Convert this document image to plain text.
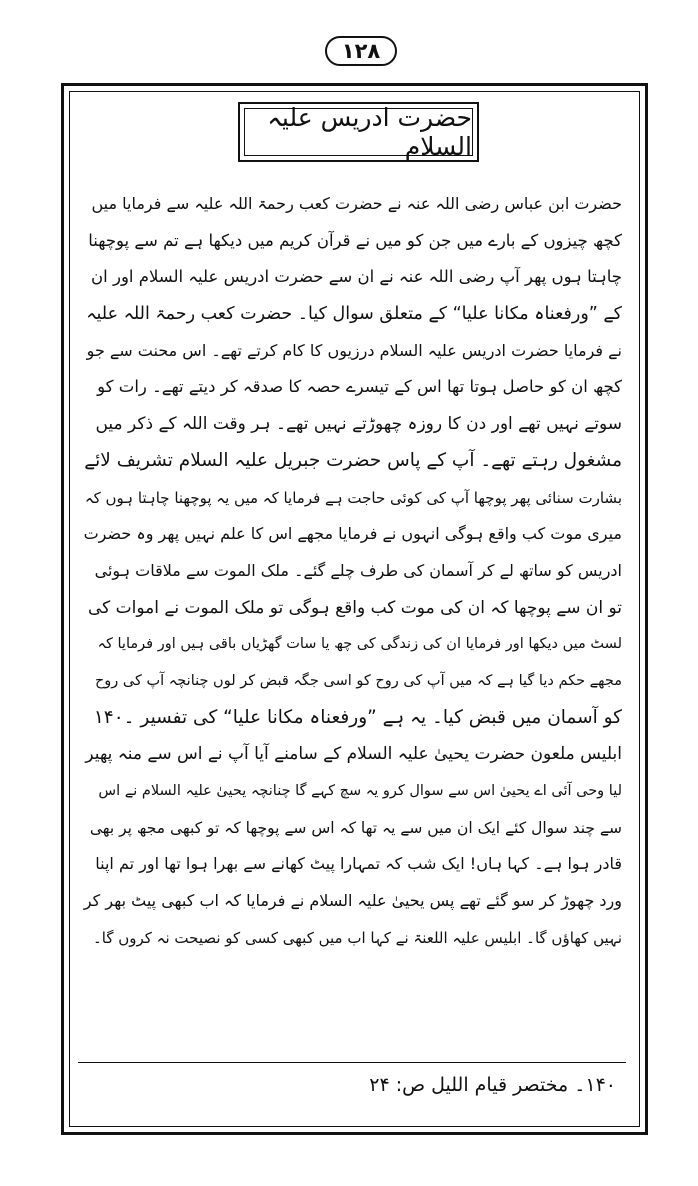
۱۲۸
حضرت ادریس علیہ السلام
حضرت ابن عباس رضی اللہ عنہ نے حضرت کعب رحمۃ اللہ علیہ سے فرمایا میں
کچھ چیزوں کے بارے میں جن کو میں نے قرآن کریم میں دیکھا ہے تم سے پوچھنا
چاہتا ہوں پھر آپ رضی اللہ عنہ نے ان سے حضرت ادریس علیہ السلام اور ان
کے ”ورفعناہ مکانا علیا“ کے متعلق سوال کیا۔ حضرت کعب رحمۃ اللہ علیہ
نے فرمایا حضرت ادریس علیہ السلام درزیوں کا کام کرتے تھے۔ اس محنت سے جو
کچھ ان کو حاصل ہوتا تھا اس کے تیسرے حصہ کا صدقہ کر دیتے تھے۔ رات کو
سوتے نہیں تھے اور دن کا روزہ چھوڑتے نہیں تھے۔ ہر وقت اللہ کے ذکر میں
مشغول رہتے تھے۔ آپ کے پاس حضرت جبریل علیہ السلام تشریف لائے
بشارت سنائی پھر پوچھا آپ کی کوئی حاجت ہے فرمایا کہ میں یہ پوچھنا چاہتا ہوں کہ
میری موت کب واقع ہوگی انہوں نے فرمایا مجھے اس کا علم نہیں پھر وہ حضرت
ادریس کو ساتھ لے کر آسمان کی طرف چلے گئے۔ ملک الموت سے ملاقات ہوئی
تو ان سے پوچھا کہ ان کی موت کب واقع ہوگی تو ملک الموت نے اموات کی
لسٹ میں دیکھا اور فرمایا ان کی زندگی کی چھ یا سات گھڑیاں باقی ہیں اور فرمایا کہ
مجھے حکم دیا گیا ہے کہ میں آپ کی روح کو اسی جگہ قبض کر لوں چنانچہ آپ کی روح
کو آسمان میں قبض کیا۔ یہ ہے ”ورفعناہ مکانا علیا“ کی تفسیر ۔۱۴۰
ابلیس ملعون حضرت یحییٰ علیہ السلام کے سامنے آیا آپ نے اس سے منہ پھیر
لیا وحی آئی اے یحییٰ اس سے سوال کرو یہ سچ کہے گا چنانچہ یحییٰ علیہ السلام نے اس
سے چند سوال کئے ایک ان میں سے یہ تھا کہ اس سے پوچھا کہ تو کبھی مجھ پر بھی
قادر ہوا ہے۔ کہا ہاں! ایک شب کہ تمہارا پیٹ کھانے سے بھرا ہوا تھا اور تم اپنا
ورد چھوڑ کر سو گئے تھے پس یحییٰ علیہ السلام نے فرمایا کہ اب کبھی پیٹ بھر کر
نہیں کھاؤں گا۔ ابلیس علیہ اللعنۃ نے کہا اب میں کبھی کسی کو نصیحت نہ کروں گا۔
۱۴۰۔ مختصر قیام اللیل ص: ۲۴
